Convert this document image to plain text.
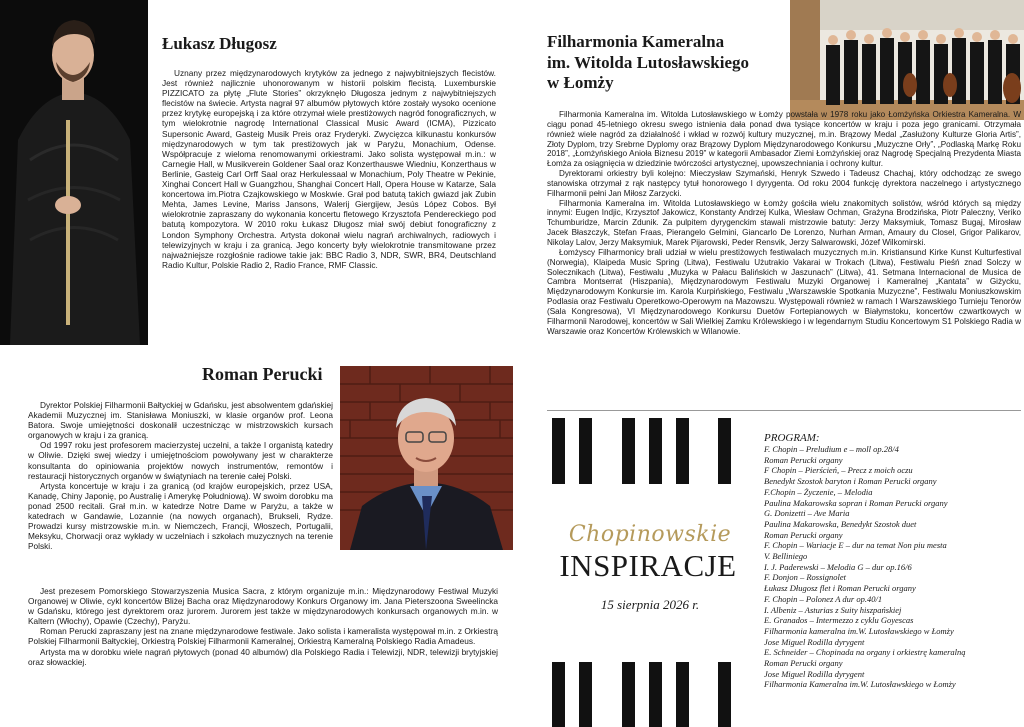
Łukasz Długosz

Uznany przez międzynarodowych krytyków za jednego z najwybitniejszych flecistów. Jest również najlicznie uhonorowanym w historii polskim flecistą. Luxemburskie PIZZICATO za płytę „Flute Stories” okrzyknęło Długosza jednym z najwybitniejszych flecistów na świecie. Artysta nagrał 97 albumów płytowych które zostały wysoko ocenione przez krytykę europejską i za które otrzymał wiele prestiżowych nagród fonograficznych, w tym wielokrotnie nagrodę International Classical Music Award (ICMA), Pizzicato Supersonic Award, Gasteig Musik Preis oraz Fryderyki. Zwycięzca kilkunastu konkursów międzynarodowych w tym tak prestiżowych jak w Paryżu, Monachium, Odense. Współpracuje z wieloma renomowanymi orkiestrami. Jako solista występował m.in.: w Carnegie Hall, w Musikverein Goldener Saal oraz Konzerthauswe Wiedniu, Konzerthaus w Berlinie, Gasteig Carl Orff Saal oraz Herkulessaal w Monachium, Poly Theatre w Pekinie, Xinghai Concert Hall w Guangzhou, Shanghai Concert Hall, Opera House w Katarze, Sala koncertowa im.Piotra Czajkowskiego w Moskwie. Grał pod batutą takich gwiazd jak Zubin Mehta, James Levine, Mariss Jansons, Walerij Giergijew, Jesús López Cobos. Był wielokrotnie zapraszany do wykonania koncertu fletowego Krzysztofa Pendereckiego pod batutą kompozytora. W 2010 roku Łukasz Długosz miał swój debiut fonograficzny z London Symphony Orchestra. Artysta dokonał wielu nagrań archiwalnych, radiowych i telewizyjnych w kraju i za granicą. Jego koncerty były wielokrotnie transmitowane przez najważniejsze rozgłośnie radiowe takie jak: BBC Radio 3, NDR, SWR, BR4, Deutschland Radio Kultur, Polskie Radio 2, Radio France, RMF Classic.

Roman Perucki

Dyrektor Polskiej Filharmonii Bałtyckiej w Gdańsku, jest absolwentem gdańskiej Akademii Muzycznej im. Stanisława Moniuszki, w klasie organów prof. Leona Batora. Swoje umiejętności doskonalił uczestnicząc w mistrzowskich kursach organowych w kraju i za granicą.

Od 1997 roku jest profesorem macierzystej uczelni, a także I organistą katedry w Oliwie. Dzięki swej wiedzy i umiejętnościom powoływany jest w charakterze konsultanta do opiniowania projektów nowych instrumentów, remontów i restauracji historycznych organów w świątyniach na terenie całej Polski.

Artysta koncertuje w kraju i za granicą (od krajów europejskich, przez USA, Kanadę, Chiny Japonię, po Australię i Amerykę Południową). W swoim dorobku ma ponad 2500 recitali. Grał m.in. w katedrze Notre Dame w Paryżu, a także w katedrach w Gandawie, Lozannie (na nowych organach), Brukseli, Rydze. Prowadzi kursy mistrzowskie m.in. w Niemczech, Francji, Włoszech, Portugalii, Meksyku, Chorwacji oraz wykłady w uczelniach i szkołach muzycznych na terenie Polski.

Jest prezesem Pomorskiego Stowarzyszenia Musica Sacra, z którym organizuje m.in.: Międzynarodowy Festiwal Muzyki Organowej w Oliwie, cykl koncertów Bliżej Bacha oraz Międzynarodowy Konkurs Organowy im. Jana Pieterszoona Sweelincka w Gdańsku, którego jest dyrektorem oraz jurorem. Jurorem jest także w międzynarodowych konkursach organowych m.in. w Kaltern (Włochy), Opawie (Czechy), Paryżu.

Roman Perucki zapraszany jest na znane międzynarodowe festiwale. Jako solista i kameralista występował m.in. z Orkiestrą Polskiej Filharmonii Bałtyckiej, Orkiestrą Polskiej Filharmonii Kameralnej, Orkiestrą Kameralną Polskiego Radia Amadeus.

Artysta ma w dorobku wiele nagrań płytowych (ponad 40 albumów) dla Polskiego Radia i Telewizji, NDR, telewizji brytyjskiej oraz słowackiej.

Filharmonia Kameralna
im. Witolda Lutosławskiego
w Łomży

Filharmonia Kameralna im. Witolda Lutosławskiego w Łomży powstała w 1978 roku jako Łomżyńska Orkiestra Kameralna. W ciągu ponad 45-letniego okresu swego istnienia dała ponad dwa tysiące koncertów w kraju i poza jego granicami. Otrzymała również wiele nagród za działalność i wkład w rozwój kultury muzycznej, m.in. Brązowy Medal „Zasłużony Kulturze Gloria Artis”, Złoty Dyplom, trzy Srebrne Dyplomy oraz Brązowy Dyplom Międzynarodowego Konkursu „Muzyczne Orły”, „Podlaską Markę Roku 2018”, „Łomżyńskiego Anioła Biznesu 2019” w kategorii Ambasador Ziemi Łomżyńskiej oraz Nagrodę Specjalną Prezydenta Miasta Łomża za osiągnięcia w dziedzinie twórczości artystycznej, upowszechniania i ochrony kultur.

Dyrektorami orkiestry byli kolejno: Mieczysław Szymański, Henryk Szwedo i Tadeusz Chachaj, który odchodząc ze swego stanowiska otrzymał z rąk następcy tytuł honorowego I dyrygenta. Od roku 2004 funkcję dyrektora naczelnego i artystycznego Filharmonii pełni Jan Miłosz Zarzycki.

Filharmonia Kameralna im. Witolda Lutosławskiego w Łomży gościła wielu znakomitych solistów, wśród których są między innymi: Eugen Indjic, Krzysztof Jakowicz, Konstanty Andrzej Kulka, Wiesław Ochman, Grażyna Brodzińska, Piotr Paleczny, Veriko Tchumburidze, Marcin Zdunik. Za pulpitem dyrygenckim stawali mistrzowie batuty: Jerzy Maksymiuk, Tomasz Bugaj, Mirosław Jacek Błaszczyk, Stefan Fraas, Pierangelo Gelmini, Giancarlo De Lorenzo, Nurhan Arman, Amaury du Closel, Grigor Palikarov, Nikolay Lalov, Jerzy Maksymiuk, Marek Pijarowski, Peder Rensvik, Jerzy Salwarowski, Józef Wilkomirski.

Łomżyscy Filharmonicy brali udział w wielu prestiżowych festiwalach muzycznych m.in. Kristiansund Kirke Kunst Kulturfestival (Norwegia), Klaipeda Music Spring (Litwa), Festiwalu Użutrakio Vakarai w Trokach (Litwa), Festiwalu Pieśń znad Solczy w Solecznikach (Litwa), Festiwalu „Muzyka w Pałacu Balińskich w Jaszunach” (Litwa), 41. Setmana Internacional de Musica de Cambra Montserrat (Hiszpania), Międzynarodowym Festiwalu Muzyki Organowej i Kameralnej „Kantata” w Giżycku, Międzynarodowym Konkursie im. Karola Kurpińskiego, Festiwalu „Warszawskie Spotkania Muzyczne”, Festiwalu Moniuszkowskim Podlasia oraz Festiwalu Operetkowo-Operowym na Mazowszu. Występowali również w ramach I Warszawskiego Turnieju Tenorów (Sala Kongresowa), VI Międzynarodowego Konkursu Duetów Fortepianowych w Białymstoku, koncertów czwartkowych w Filharmonii Narodowej, koncertów w Sali Wielkiej Zamku Królewskiego i w legendarnym Studiu Koncertowym S1 Polskiego Radia w Warszawie oraz Koncertów Królewskich w Wilanowie.

Chopinowskie
INSPIRACJE
15 sierpnia 2026 r.
PROGRAM:
F. Chopin – Preludium e – moll op.28/4
Roman Perucki organy
F Chopin – Pierścień, – Precz z moich oczu
Benedykt Szostok baryton i Roman Perucki organy
F.Chopin – Życzenie, – Melodia
Paulina Makarowska sopran i Roman Perucki organy
G. Donizetti – Ave Maria
Paulina Makarowska, Benedykt Szostok duet
Roman Perucki organy
F. Chopin – Wariacje E – dur na temat Non piu mesta
V. Belliniego
I. J. Paderewski – Melodia G – dur op.16/6
F. Donjon – Rossignolet
Łukasz Długosz flet i Roman Perucki organy
F. Chopin – Polonez A dur op.40/1
I. Albeniz – Asturias z Suity hiszpańskiej
E. Granados – Intermezzo z cyklu Goyescas
Filharmonia kameralna im.W. Lutosławskiego w Łomży
Jose Miguel Rodilla dyrygent
E. Schneider – Chopinada na organy i orkiestrę kameralną
Roman Perucki organy
Jose Miguel Rodilla dyrygent
Filharmonia Kameralna im.W. Lutosławskiego w Łomży
